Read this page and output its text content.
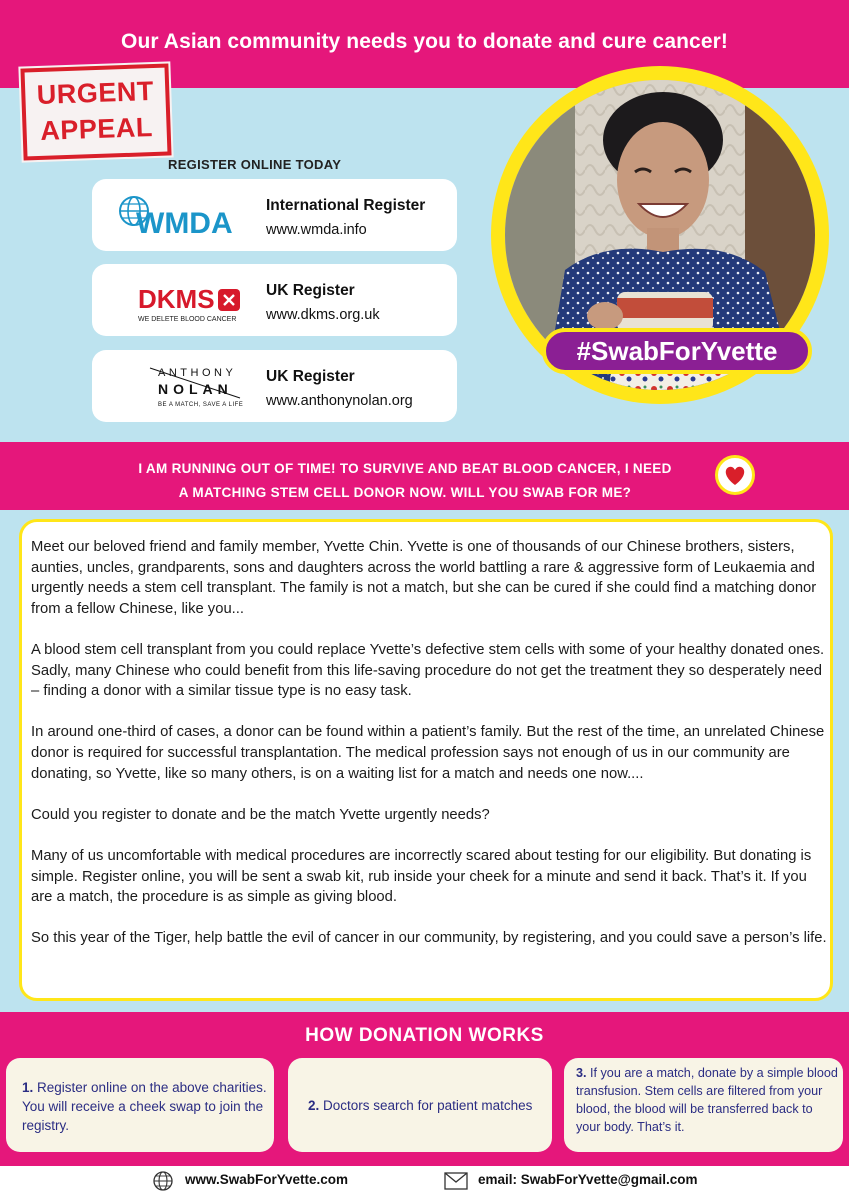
Our Asian community needs you to donate and cure cancer!
URGENT
APPEAL
REGISTER ONLINE TODAY
WMDA
International Register
www.wmda.info
DKMS
WE DELETE BLOOD CANCER
UK Register
www.dkms.org.uk
ANTHONY
NOLAN
BE A MATCH, SAVE A LIFE
UK Register
www.anthonynolan.org
#SwabForYvette
I AM RUNNING OUT OF TIME! TO SURVIVE AND BEAT BLOOD CANCER, I NEED
A MATCHING STEM CELL DONOR NOW. WILL YOU SWAB FOR ME?

Meet our beloved friend and family member, Yvette Chin. Yvette is one of thousands of our Chinese brothers, sisters, aunties, uncles, grandparents, sons and daughters across the world battling a rare & aggressive form of Leukaemia and urgently needs a stem cell transplant. The family is not a match, but she can be cured if she could find a matching donor from a fellow Chinese, like you...

A blood stem cell transplant from you could replace Yvette’s defective stem cells with some of your healthy donated ones. Sadly, many Chinese who could benefit from this life-saving procedure do not get the treatment they so desperately need – finding a donor with a similar tissue type is no easy task.

In around one-third of cases, a donor can be found within a patient’s family. But the rest of the time, an unrelated Chinese donor is required for successful transplantation. The medical profession says not enough of us in our community are donating, so Yvette, like so many others, is on a waiting list for a match and needs one now....

Could you register to donate and be the match Yvette urgently needs?

Many of us uncomfortable with medical procedures are incorrectly scared about testing for our eligibility. But donating is simple. Register online, you will be sent a swab kit, rub inside your cheek for a minute and send it back. That’s it. If you are a match, the procedure is as simple as giving blood.

So this year of the Tiger, help battle the evil of cancer in our community, by registering, and you could save a person’s life.

HOW DONATION WORKS
1. Register online on the above charities. You will receive a cheek swap to join the registry.
2. Doctors search for patient matches
3. If you are a match, donate by a simple blood transfusion. Stem cells are filtered from your blood, the blood will be transferred back to your body. That’s it.
www.SwabForYvette.com	email: SwabForYvette@gmail.com
